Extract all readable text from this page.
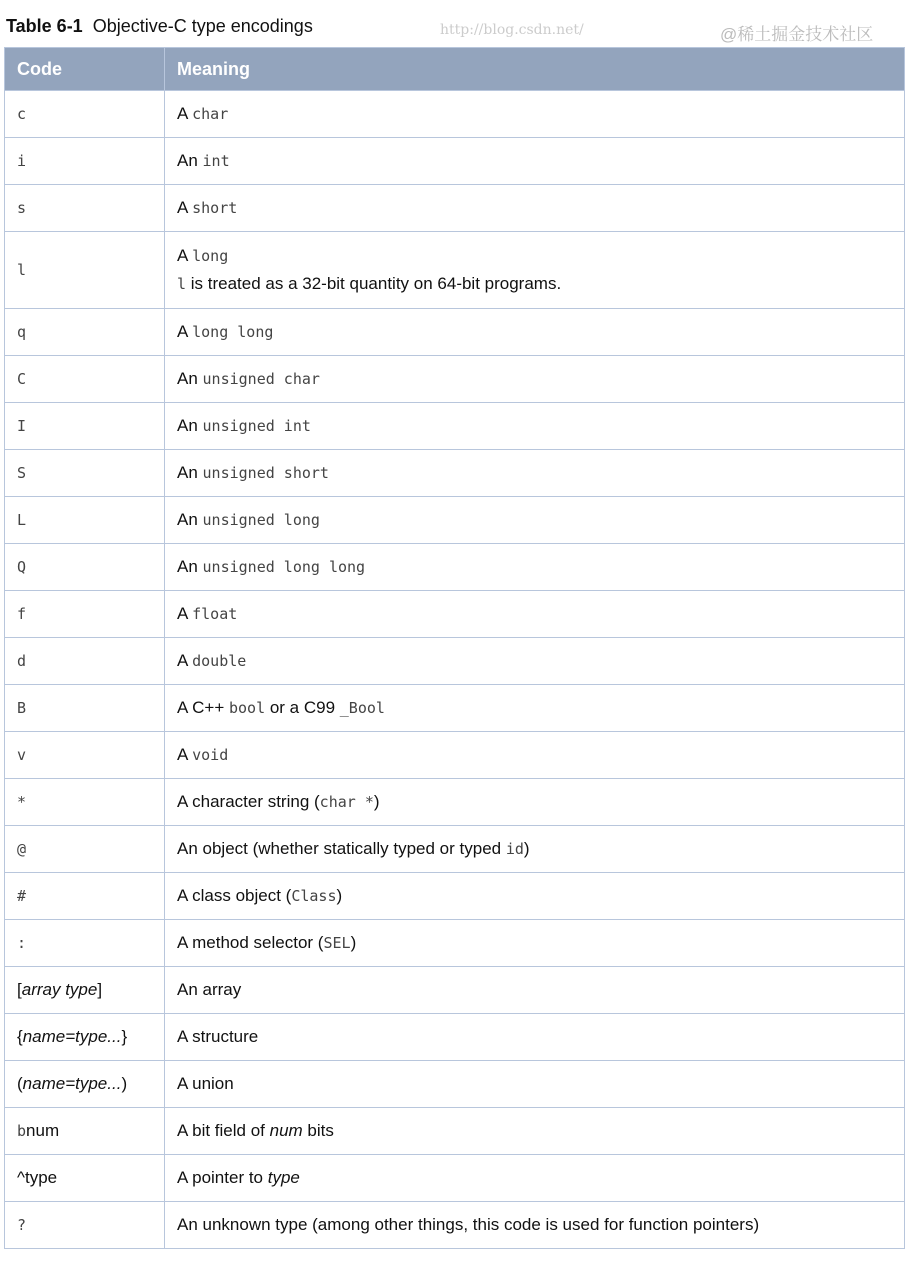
Table 6-1 Objective-C type encodings
Code	Meaning
c	A char
i	An int
s	A short
l	A long
l is treated as a 32-bit quantity on 64-bit programs.

q	A long long
C	An unsigned char
I	An unsigned int
S	An unsigned short
L	An unsigned long
Q	An unsigned long long
f	A float
d	A double
B	A C++ bool or a C99 _Bool
v	A void
*	A character string (char *)
@	An object (whether statically typed or typed id)
#	A class object (Class)
:	A method selector (SEL)
[array type]	An array
{name=type...}	A structure
(name=type...)	A union
bnum	A bit field of num bits
^type	A pointer to type
?	An unknown type (among other things, this code is used for function pointers)
http://blog.csdn.net/	@稀土掘金技术社区
